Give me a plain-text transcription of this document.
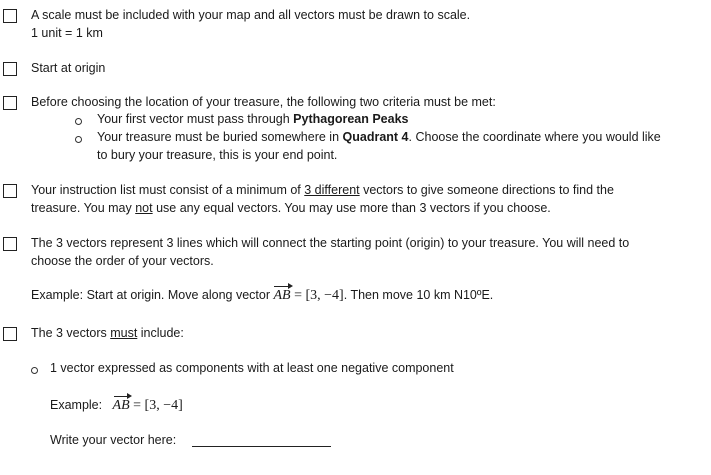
A scale must be included with your map and all vectors must be drawn to scale.
1 unit = 1 km
Start at origin
Before choosing the location of your treasure, the following two criteria must be met:
Your first vector must pass through Pythagorean Peaks
Your treasure must be buried somewhere in Quadrant 4. Choose the coordinate where you would like
to bury your treasure, this is your end point.
Your instruction list must consist of a minimum of 3 different vectors to give someone directions to find the
treasure. You may not use any equal vectors. You may use more than 3 vectors if you choose.
The 3 vectors represent 3 lines which will connect the starting point (origin) to your treasure. You will need to
choose the order of your vectors.
Example: Start at origin. Move along vector AB
= [3, −4]. Then move 10 km N10ºE.
The 3 vectors must include:
1 vector expressed as components with at least one negative component
Example: AB
= [3, −4]
Write your vector here:
